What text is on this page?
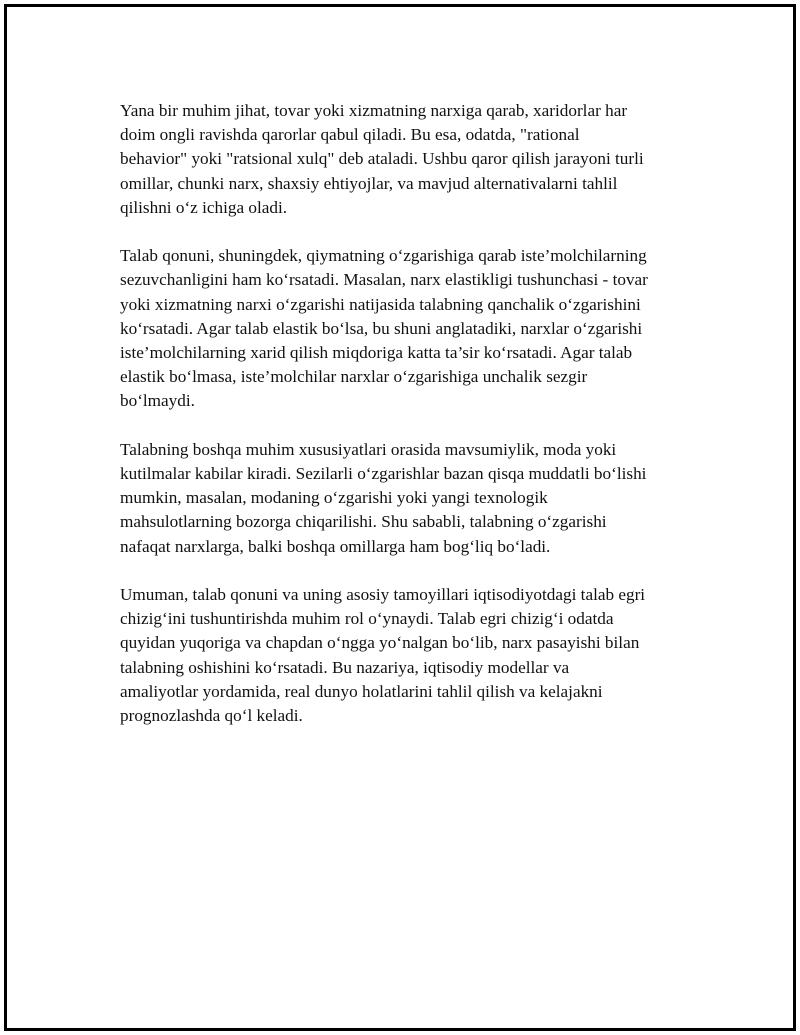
Yana bir muhim jihat, tovar yoki xizmatning narxiga qarab, xaridorlar har
doim ongli ravishda qarorlar qabul qiladi. Bu esa, odatda, "rational
behavior" yoki "ratsional xulq" deb ataladi. Ushbu qaror qilish jarayoni turli
omillar, chunki narx, shaxsiy ehtiyojlar, va mavjud alternativalarni tahlil
qilishni o‘z ichiga oladi.

Talab qonuni, shuningdek, qiymatning o‘zgarishiga qarab iste’molchilarning
sezuvchanligini ham ko‘rsatadi. Masalan, narx elastikligi tushunchasi - tovar
yoki xizmatning narxi o‘zgarishi natijasida talabning qanchalik o‘zgarishini
ko‘rsatadi. Agar talab elastik bo‘lsa, bu shuni anglatadiki, narxlar o‘zgarishi
iste’molchilarning xarid qilish miqdoriga katta ta’sir ko‘rsatadi. Agar talab
elastik bo‘lmasa, iste’molchilar narxlar o‘zgarishiga unchalik sezgir
bo‘lmaydi.

Talabning boshqa muhim xususiyatlari orasida mavsumiylik, moda yoki
kutilmalar kabilar kiradi. Sezilarli o‘zgarishlar bazan qisqa muddatli bo‘lishi
mumkin, masalan, modaning o‘zgarishi yoki yangi texnologik
mahsulotlarning bozorga chiqarilishi. Shu sababli, talabning o‘zgarishi
nafaqat narxlarga, balki boshqa omillarga ham bog‘liq bo‘ladi.

Umuman, talab qonuni va uning asosiy tamoyillari iqtisodiyotdagi talab egri
chizig‘ini tushuntirishda muhim rol o‘ynaydi. Talab egri chizig‘i odatda
quyidan yuqoriga va chapdan o‘ngga yo‘nalgan bo‘lib, narx pasayishi bilan
talabning oshishini ko‘rsatadi. Bu nazariya, iqtisodiy modellar va
amaliyotlar yordamida, real dunyo holatlarini tahlil qilish va kelajakni
prognozlashda qo‘l keladi.
